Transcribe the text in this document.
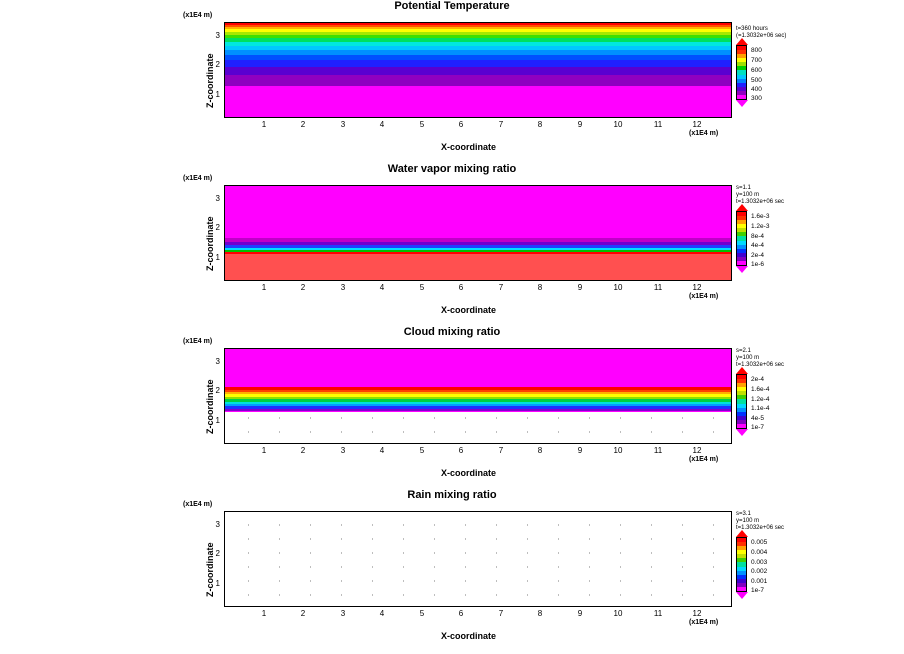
Potential Temperature
(x1E4 m)
Z-coordinate 1
2
3
1	2	3	4	5	6	7	8	9	10	11	12
(x1E4 m)
X-coordinate
t=360 hours
(=1.3032e+06 sec)
800
700
600
500
400
300
Water vapor mixing ratio
(x1E4 m)
Z-coordinate 1
2
3
1	2	3	4	5	6	7	8	9	10	11	12
(x1E4 m)
X-coordinate
s=1.1
y=100 m
t=1.3032e+06 sec
1.6e-3
1.2e-3
8e-4
4e-4
2e-4
1e-6
Cloud mixing ratio
(x1E4 m)
Z-coordinate 1
2
3
1	2	3	4	5	6	7	8	9	10	11	12
(x1E4 m)
X-coordinate
s=2.1
y=100 m
t=1.3032e+06 sec
2e-4
1.6e-4
1.2e-4
1.1e-4
4e-5
1e-7
Rain mixing ratio
(x1E4 m)
Z-coordinate 1
2
3
1	2	3	4	5	6	7	8	9	10	11	12
(x1E4 m)
X-coordinate
s=3.1
y=100 m
t=1.3032e+06 sec
0.005
0.004
0.003
0.002
0.001
1e-7
